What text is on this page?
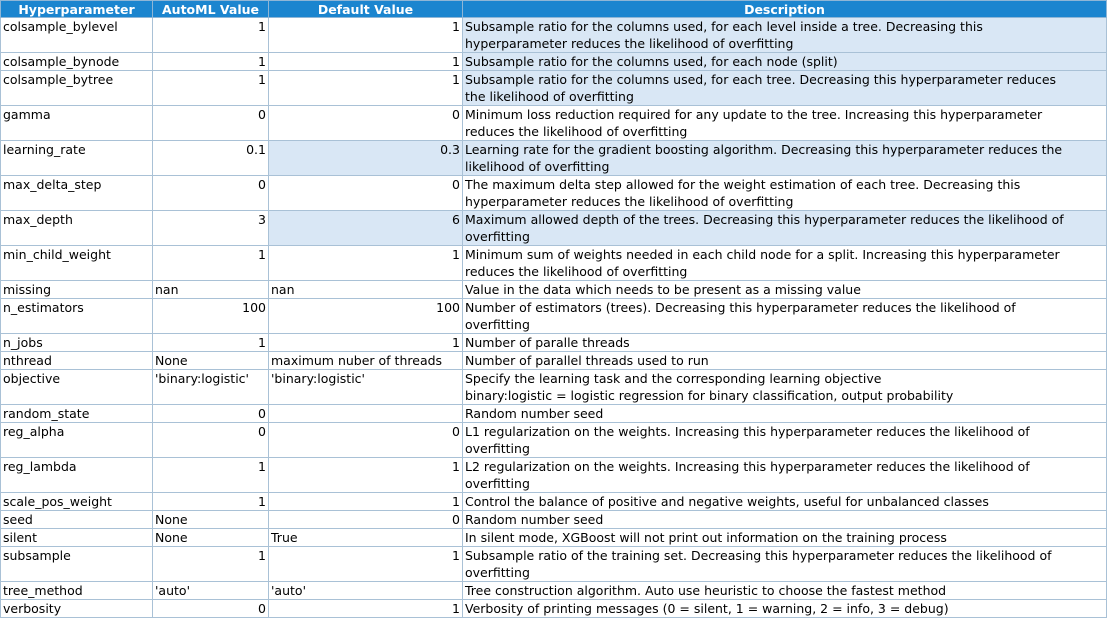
Hyperparameter	AutoML Value	Default Value	Description
colsample_bylevel	1	1	Subsample ratio for the columns used, for each level inside a tree. Decreasing this
hyperparameter reduces the likelihood of overfitting

colsample_bynode	1	1	Subsample ratio for the columns used, for each node (split)

colsample_bytree	1	1	Subsample ratio for the columns used, for each tree. Decreasing this hyperparameter reduces
the likelihood of overfitting

gamma	0	0	Minimum loss reduction required for any update to the tree. Increasing this hyperparameter
reduces the likelihood of overfitting

learning_rate	0.1	0.3	Learning rate for the gradient boosting algorithm. Decreasing this hyperparameter reduces the
likelihood of overfitting

max_delta_step	0	0	The maximum delta step allowed for the weight estimation of each tree. Decreasing this
hyperparameter reduces the likelihood of overfitting

max_depth	3	6	Maximum allowed depth of the trees. Decreasing this hyperparameter reduces the likelihood of
overfitting

min_child_weight	1	1	Minimum sum of weights needed in each child node for a split. Increasing this hyperparameter
reduces the likelihood of overfitting

missing	nan	nan	Value in the data which needs to be present as a missing value

n_estimators	100	100	Number of estimators (trees). Decreasing this hyperparameter reduces the likelihood of
overfitting

n_jobs	1	1	Number of paralle threads

nthread	None	maximum nuber of threads	Number of parallel threads used to run

objective	'binary:logistic'	'binary:logistic'	Specify the learning task and the corresponding learning objective
binary:logistic = logistic regression for binary classification, output probability

random_state	0		Random number seed

reg_alpha	0	0	L1 regularization on the weights. Increasing this hyperparameter reduces the likelihood of
overfitting

reg_lambda	1	1	L2 regularization on the weights. Increasing this hyperparameter reduces the likelihood of
overfitting

scale_pos_weight	1	1	Control the balance of positive and negative weights, useful for unbalanced classes

seed	None	0	Random number seed

silent	None	True	In silent mode, XGBoost will not print out information on the training process

subsample	1	1	Subsample ratio of the training set. Decreasing this hyperparameter reduces the likelihood of
overfitting

tree_method	'auto'	'auto'	Tree construction algorithm. Auto use heuristic to choose the fastest method

verbosity	0	1	Verbosity of printing messages (0 = silent, 1 = warning, 2 = info, 3 = debug)
